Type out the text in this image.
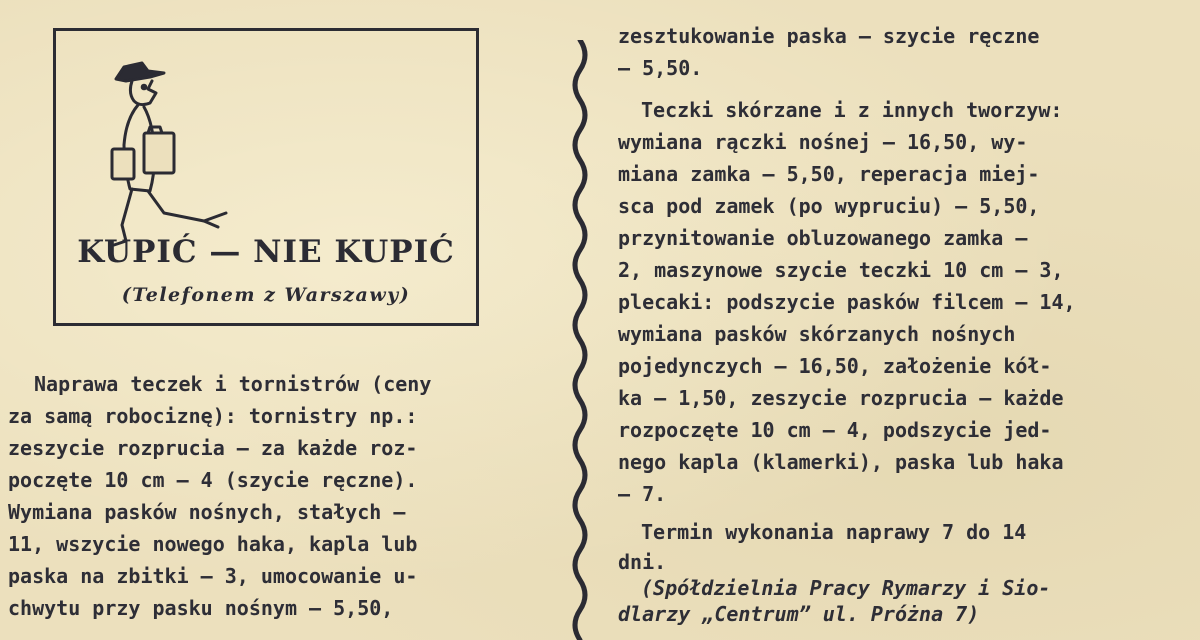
KUPIĆ — NIE KUPIĆ
(Telefonem z Warszawy)
Naprawa teczek i tornistrów (ceny
za samą robociznę): tornistry np.:
zeszycie rozprucia — za każde roz-
poczęte 10 cm — 4 (szycie ręczne).
Wymiana pasków nośnych, stałych —
11, wszycie nowego haka, kapla lub
paska na zbitki — 3, umocowanie u-
chwytu przy pasku nośnym — 5,50,
zesztukowanie paska — szycie ręczne
— 5,50.
Teczki skórzane i z innych tworzyw:
wymiana rączki nośnej — 16,50, wy-
miana zamka — 5,50, reperacja miej-
sca pod zamek (po wypruciu) — 5,50,
przynitowanie obluzowanego zamka —
2, maszynowe szycie teczki 10 cm — 3,
plecaki: podszycie pasków filcem — 14,
wymiana pasków skórzanych nośnych
pojedynczych — 16,50, założenie kół-
ka — 1,50, zeszycie rozprucia — każde
rozpoczęte 10 cm — 4, podszycie jed-
nego kapla (klamerki), paska lub haka
— 7.
Termin wykonania naprawy 7 do 14
dni.
(Spółdzielnia Pracy Rymarzy i Sio-
dlarzy „Centrum” ul. Próżna 7)
